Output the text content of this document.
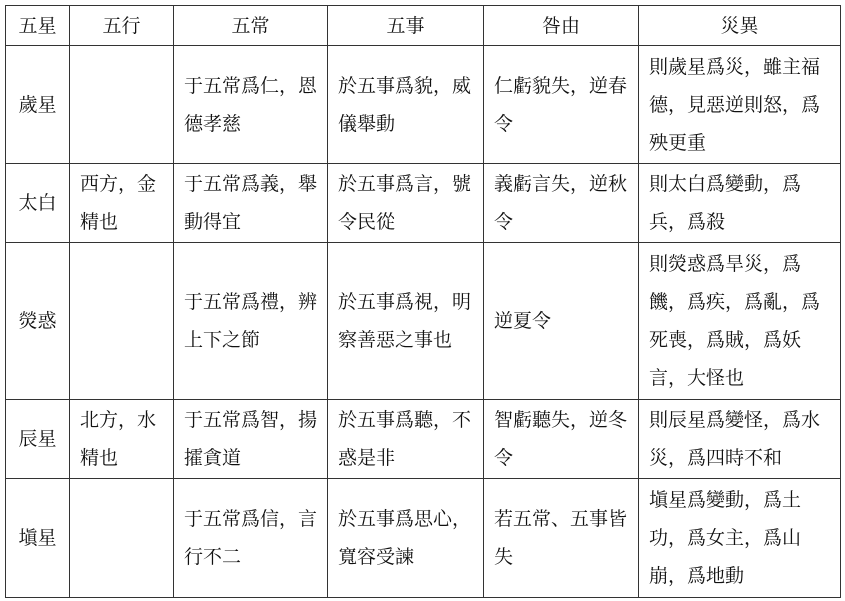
五星	五行	五常	五事	咎由	災異
歲星		于五常爲仁，恩德孝慈	於五事爲貌，威儀舉動	仁虧貌失，逆春令	則歲星爲災，雖主福德，見惡逆則怒，爲殃更重
太白	西方，金精也	于五常爲義，舉動得宜	於五事爲言，號令民從	義虧言失，逆秋令	則太白爲變動，爲兵，爲殺
熒惑		于五常爲禮，辨上下之節	於五事爲視，明察善惡之事也	逆夏令	則熒惑爲旱災，爲饑，爲疾，爲亂，爲死喪，爲賊，爲妖言，大怪也
辰星	北方，水精也	于五常爲智，揚攉貪道	於五事爲聽，不惑是非	智虧聽失，逆冬令	則辰星爲變怪，爲水災，爲四時不和
塡星		于五常爲信，言行不二	於五事爲思心，寬容受諫	若五常、五事皆失	塡星爲變動，爲土功，爲女主，爲山崩，爲地動
